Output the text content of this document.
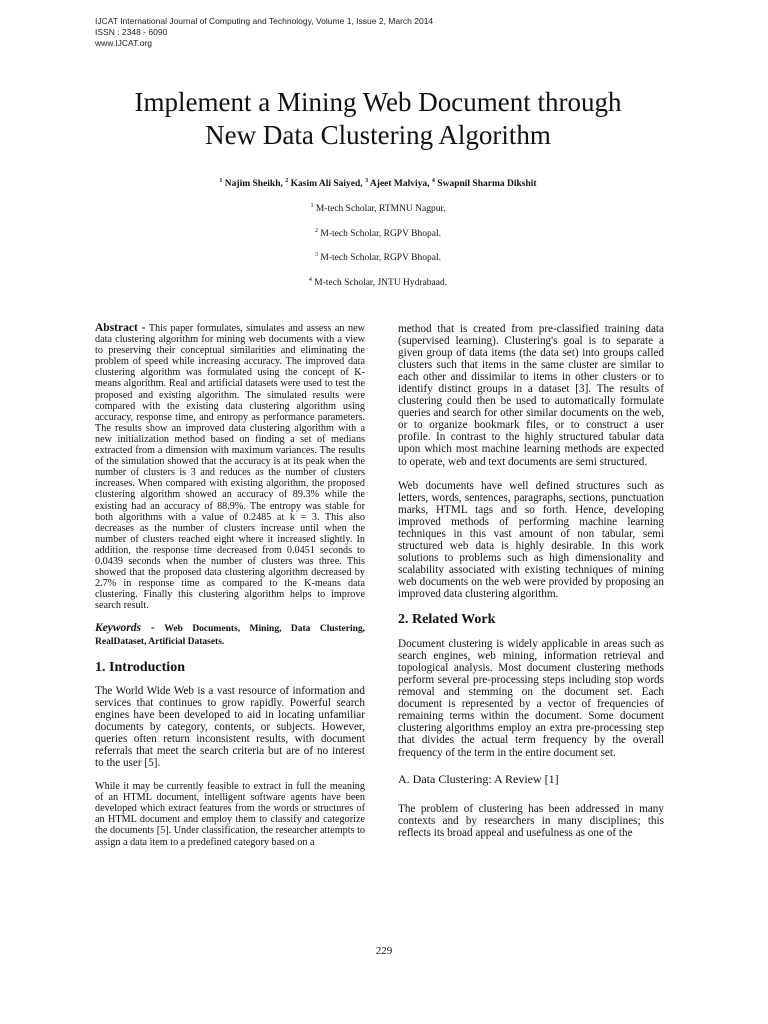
IJCAT International Journal of Computing and Technology, Volume 1, Issue 2, March 2014
ISSN : 2348 - 6090
www.IJCAT.org
Implement a Mining Web Document through
New Data Clustering Algorithm
$^1$ Najim Sheikh, $^2$ Kasim Ali Saiyed, $^3$ Ajeet Malviya, $^4$ Swapnil Sharma Dikshit
$^1$ M-tech Scholar, RTMNU Nagpur.
$^2$ M-tech Scholar, RGPV Bhopal.
$^3$ M-tech Scholar, RGPV Bhopal.
$^4$ M-tech Scholar, JNTU Hydrabaad.

Abstract - This paper formulates, simulates and assess an new data clustering algorithm for mining web documents with a view to preserving their conceptual similarities and eliminating the problem of speed while increasing accuracy. The improved data clustering algorithm was formulated using the concept of K-means algorithm. Real and artificial datasets were used to test the proposed and existing algorithm. The simulated results were compared with the existing data clustering algorithm using accuracy, response time, and entropy as performance parameters. The results show an improved data clustering algorithm with a new initialization method based on finding a set of medians extracted from a dimension with maximum variances. The results of the simulation showed that the accuracy is at its peak when the number of clusters is 3 and reduces as the number of clusters increases. When compared with existing algorithm, the proposed clustering algorithm showed an accuracy of 89.3% while the existing had an accuracy of 88.9%. The entropy was stable for both algorithms with a value of 0.2485 at k = 3. This also decreases as the number of clusters increase until when the number of clusters reached eight where it increased slightly. In addition, the response time decreased from 0.0451 seconds to 0.0439 seconds when the number of clusters was three. This showed that the proposed data clustering algorithm decreased by 2.7% in response time as compared to the K-means data clustering. Finally this clustering algorithm helps to improve search result.

Keywords - Web Documents, Mining, Data Clustering, RealDataset, Artificial Datasets.

1. Introduction

The World Wide Web is a vast resource of information and services that continues to grow rapidly. Powerful search engines have been developed to aid in locating unfamiliar documents by category, contents, or subjects. However, queries often return inconsistent results, with document referrals that meet the search criteria but are of no interest to the user [5].

While it may be currently feasible to extract in full the meaning of an HTML document, intelligent software agents have been developed which extract features from the words or structures of an HTML document and employ them to classify and categorize the documents [5]. Under classification, the researcher attempts to assign a data item to a predefined category based on a

method that is created from pre-classified training data (supervised learning). Clustering's goal is to separate a given group of data items (the data set) into groups called clusters such that items in the same cluster are similar to each other and dissimilar to items in other clusters or to identify distinct groups in a dataset [3]. The results of clustering could then be used to automatically formulate queries and search for other similar documents on the web, or to organize bookmark files, or to construct a user profile. In contrast to the highly structured tabular data upon which most machine learning methods are expected to operate, web and text documents are semi structured.

Web documents have well defined structures such as letters, words, sentences, paragraphs, sections, punctuation marks, HTML tags and so forth. Hence, developing improved methods of performing machine learning techniques in this vast amount of non tabular, semi structured web data is highly desirable. In this work solutions to problems such as high dimensionality and scalability associated with existing techniques of mining web documents on the web were provided by proposing an improved data clustering algorithm.

2. Related Work

Document clustering is widely applicable in areas such as search engines, web mining, information retrieval and topological analysis. Most document clustering methods perform several pre-processing steps including stop words removal and stemming on the document set. Each document is represented by a vector of frequencies of remaining terms within the document. Some document clustering algorithms employ an extra pre-processing step that divides the actual term frequency by the overall frequency of the term in the entire document set.

A. Data Clustering: A Review [1]

The problem of clustering has been addressed in many contexts and by researchers in many disciplines; this reflects its broad appeal and usefulness as one of the

229
